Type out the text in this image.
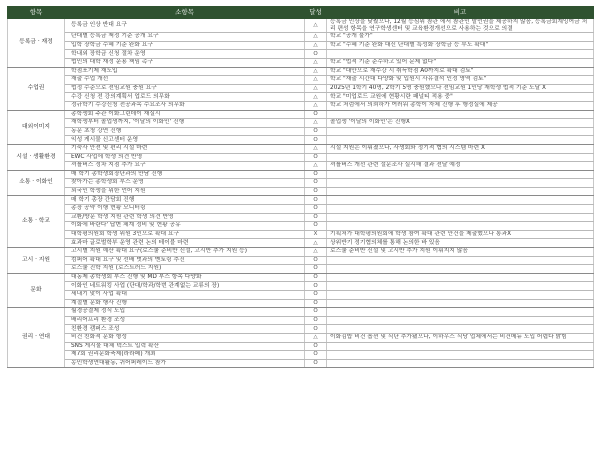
항목	소항목	달성	비고
등록금 · 재정	등록금 인상 반대 요구	△	등록금 인상을 낮췄으나, 12월 등심위 참관 에서 참관인 발언권을 제공하지 않음, 등록금회계잉여금 처리 편성 항목을 연구학생센터 및 교육환경개선으로 사용하는 것으로 의결
	단대별 등록금 책정 기준 공개 요구	△	학교 "공개 불가"
	입학 장학금 수혜 기준 완화 요구	△	학교 "수혜 기준 완화 대신 단대별 특성화 장학금 등 부도 확대"
	학내외 장학금 신청 절차 운영	O	
	법인의 대학 재정 운용 책임 촉구	△	학교 "법적 기준 준수하고 있어 문제 없다"
수업권	학점포기제 재도입	△	학교 "대안으로 재수강 시 취득학점 A0까지로 확대 검토"
	재출 수업 개선	△	학교 "재출 시간대 다양화 및 입원시 사유결석 인정 영역 검토"
	법정 수준으로 전임교원 충원 요구	△	2025년 1학기 40명, 2학기 5명 충원했으나 전임교원 1인당 재학생 법적 기준 도달 X
	수강 신청 전 강의계획서 업로드 의무화	△	학교 "미업로드 교원에 현황시란 패널티 적용 중"
	정규학기 수강신청 전공과목 수요조사 의무화	△	학교 처럼에서 의뢰하가 여러워 총학이 자체 진행 후 행정실에 제공
대외이미지	총학생회 주관 이화그린데이 재실시	O	
	재학생부터 졸업생까지, '이달의 이화인' 진행	△	졸업생 '이달의 이화인'은 진행X
	동문 초청 강연 진행	O	
	익성 게시물 신고센터 운영	O	
시설 · 생활환경	기숙사 안전 및 편리 시설 마련	△	시설 지원은 이뤄졌으나, 사생회와 정기적 협의 시스템 마련 X
	EWC 사업에 학생 의견 반영	O	
	셔틀버스 정차 지점 추가 요구	△	셔틀버스 개선 관련 설문조사 실시해 결과 전달 예정
소통 · 이화인	매 학기 총학생회장단과의 만남 진행	O	
	찾아가는 총학생회 부스 운영	O	
	외국인 학생을 위한 언어 지원	O	
소통 · 학교	매 학기 총장 간담회 진행	O	
	총장 공약 이행 현황 모니터링	O	
	교환/방문 학생 지원 관련 학생 의견 반영	O	
	이화에 바란다' 답변 체계 정비 및 현황 공유	O	
	대학평의원회 학생 위원 3인으로 확대 요구	X	기획처가 대학평의원회에 학생 참여 확대 관련 안건을 제출했으나 통과X
	효과마 글로벌학부 운영 관련 논의 테이블 마련	△	상위반기 정기협의체를 통해 논의한 바 있음
고시 · 지원	고시별 지원 예산 확대 요구(로스쿨 준비반 신설, 고시반 추가 지원 등)	△	로스쿨 준비반 신설 및 고시반 추가 지원 이뤄지지 않음
	컴퍼어 확대 요구 및 선배 벗과의 멘토링 추진	O	
	로스쿨 진학 지원 (로스트러드 지원)	O	
문화	대동제 총학생회 부스 진행 및 MD 부스 항목 다양화	O	
	이화인 네트워킹 사업 (단대/학과/학번 관계없는 교류의 장)	O	
	세내기 맞이 사업 확대	O	
	계절별 문화 행사 진행	O	
권리 · 연대	월경공결제 정식 도입	O	
	배리어프리 환경 조성	O	
	친환경 캠퍼스 조성	O	
	비건 친화적 문화 형성	△	이화김밥 비건 옵션 및 식단 추가됐으나, 이하우스 식당 업체에서는 비건메뉴 도입 어렵다 밝힘
	SNS 게시물 대체 텍스트 입력 확산	O	
	제7회 권리문화축제(라라페) 개최	O	
	농민학생연대활동, 퀴어퍼레이드 참가	O	
